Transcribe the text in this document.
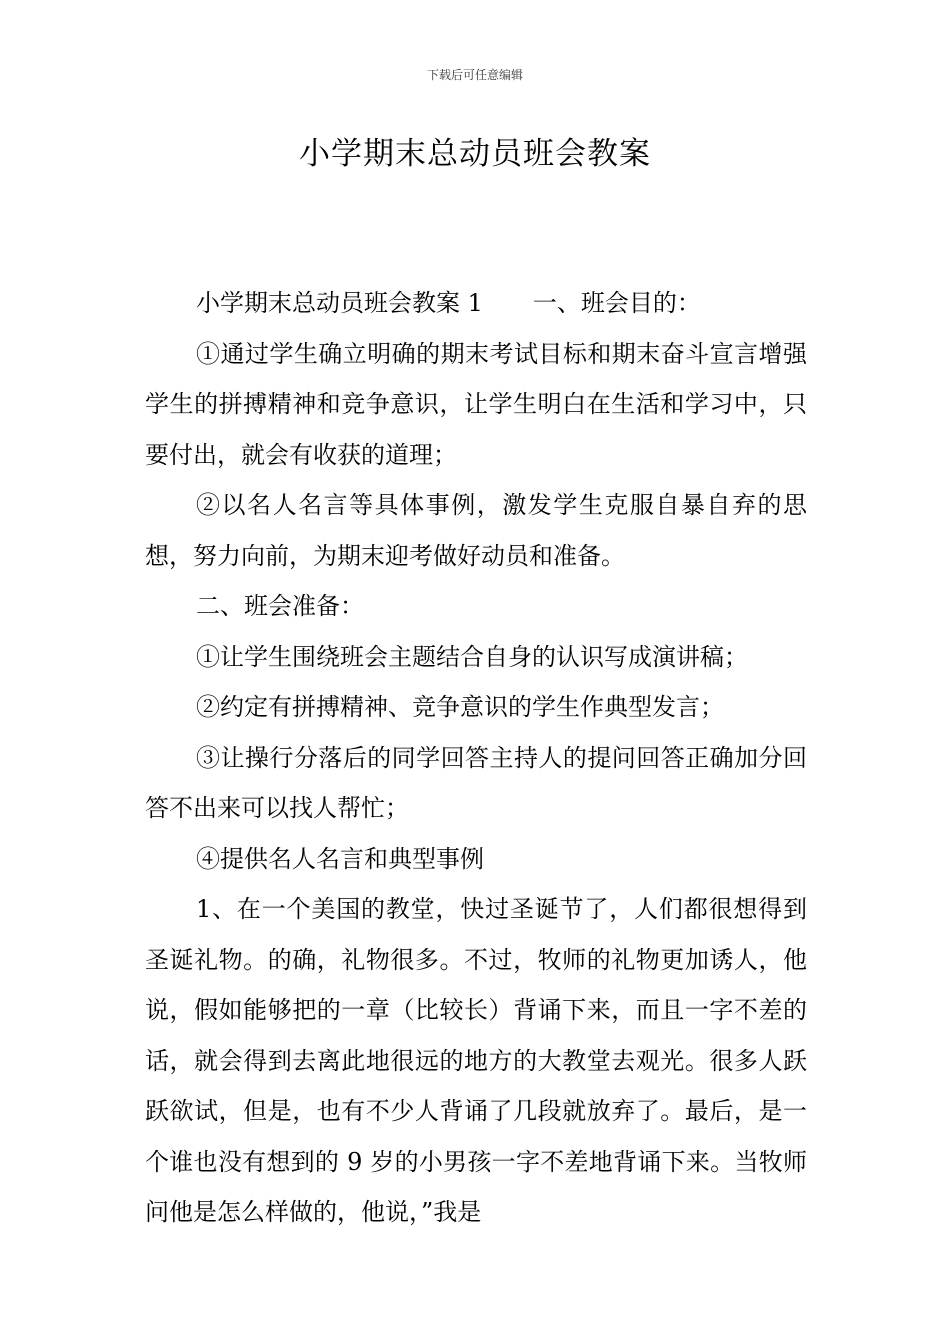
下载后可任意编辑
小学期末总动员班会教案

小学期末总动员班会教案 1 一、班会目的：

①通过学生确立明确的期末考试目标和期末奋斗宣言增强学生的拼搏精神和竞争意识，让学生明白在生活和学习中，只要付出，就会有收获的道理；

②以名人名言等具体事例，激发学生克服自暴自弃的思想，努力向前，为期末迎考做好动员和准备。

二、班会准备：

①让学生围绕班会主题结合自身的认识写成演讲稿；

②约定有拼搏精神、竞争意识的学生作典型发言；

③让操行分落后的同学回答主持人的提问回答正确加分回答不出来可以找人帮忙；

④提供名人名言和典型事例

1、在一个美国的教堂，快过圣诞节了，人们都很想得到圣诞礼物。的确，礼物很多。不过，牧师的礼物更加诱人，他说，假如能够把的一章（比较长）背诵下来，而且一字不差的话，就会得到去离此地很远的地方的大教堂去观光。很多人跃跃欲试，但是，也有不少人背诵了几段就放弃了。最后，是一个谁也没有想到的 9 岁的小男孩一字不差地背诵下来。当牧师问他是怎么样做的，他说，”我是
